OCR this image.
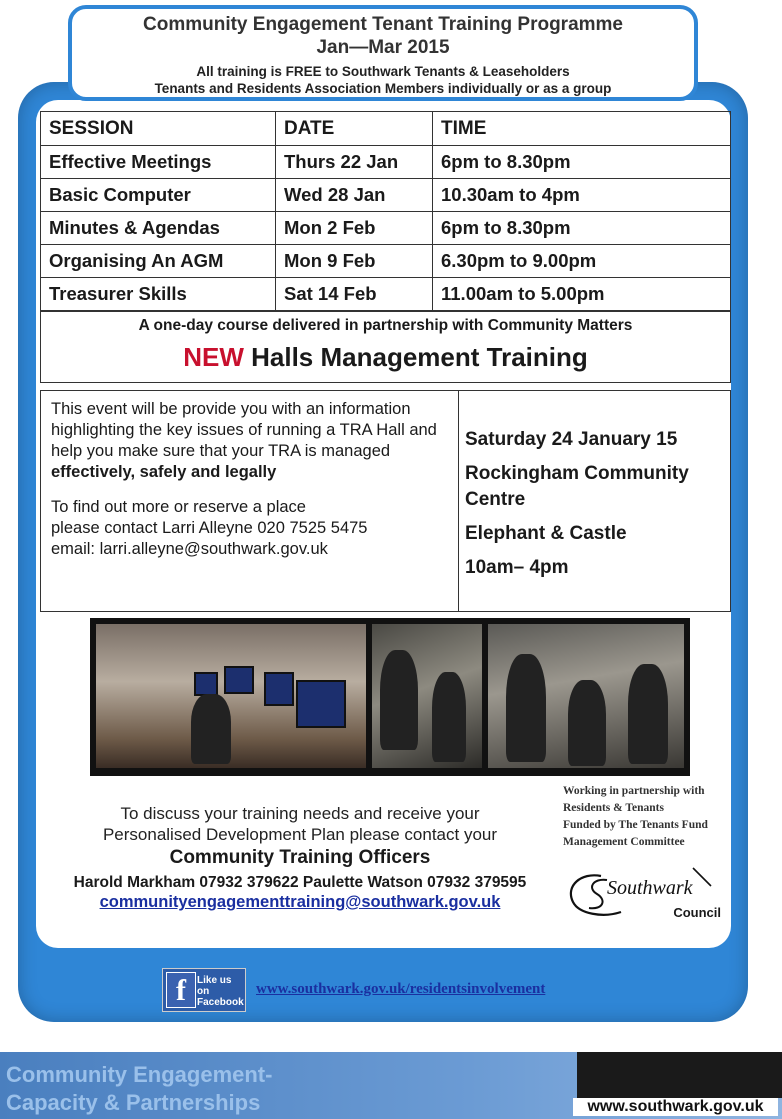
Community Engagement Tenant Training Programme
Jan—Mar 2015
All training is FREE to Southwark Tenants & Leaseholders
Tenants and Residents Association Members individually or as a group
SESSION	DATE	TIME
Effective Meetings	Thurs 22 Jan	6pm to 8.30pm
Basic Computer	Wed 28 Jan	10.30am to 4pm
Minutes & Agendas	Mon 2 Feb	6pm to 8.30pm
Organising An AGM	Mon 9 Feb	6.30pm to 9.00pm
Treasurer Skills	Sat 14 Feb	11.00am to 5.00pm
A one-day course delivered in partnership with Community Matters
NEW Halls Management Training
This event will be provide you with an information highlighting the key issues of running a TRA Hall and help you make sure that your TRA is managed effectively, safely and legally
To find out more or reserve a place
please contact Larri Alleyne 020 7525 5475
email: larri.alleyne@southwark.gov.uk
Saturday 24 January 15
Rockingham Community Centre
Elephant & Castle
10am– 4pm
To discuss your training needs and receive your
Personalised Development Plan please contact your
Community Training Officers
Harold Markham 07932 379622 Paulette Watson 07932 379595
communityengagementtraining@southwark.gov.uk
Working in partnership with
Residents & Tenants
Funded by The Tenants Fund
Management Committee
Southwark
Council
f	Like us on
Facebook
www.southwark.gov.uk/residentsinvolvement
Community Engagement-
Capacity & Partnerships	www.southwark.gov.uk
